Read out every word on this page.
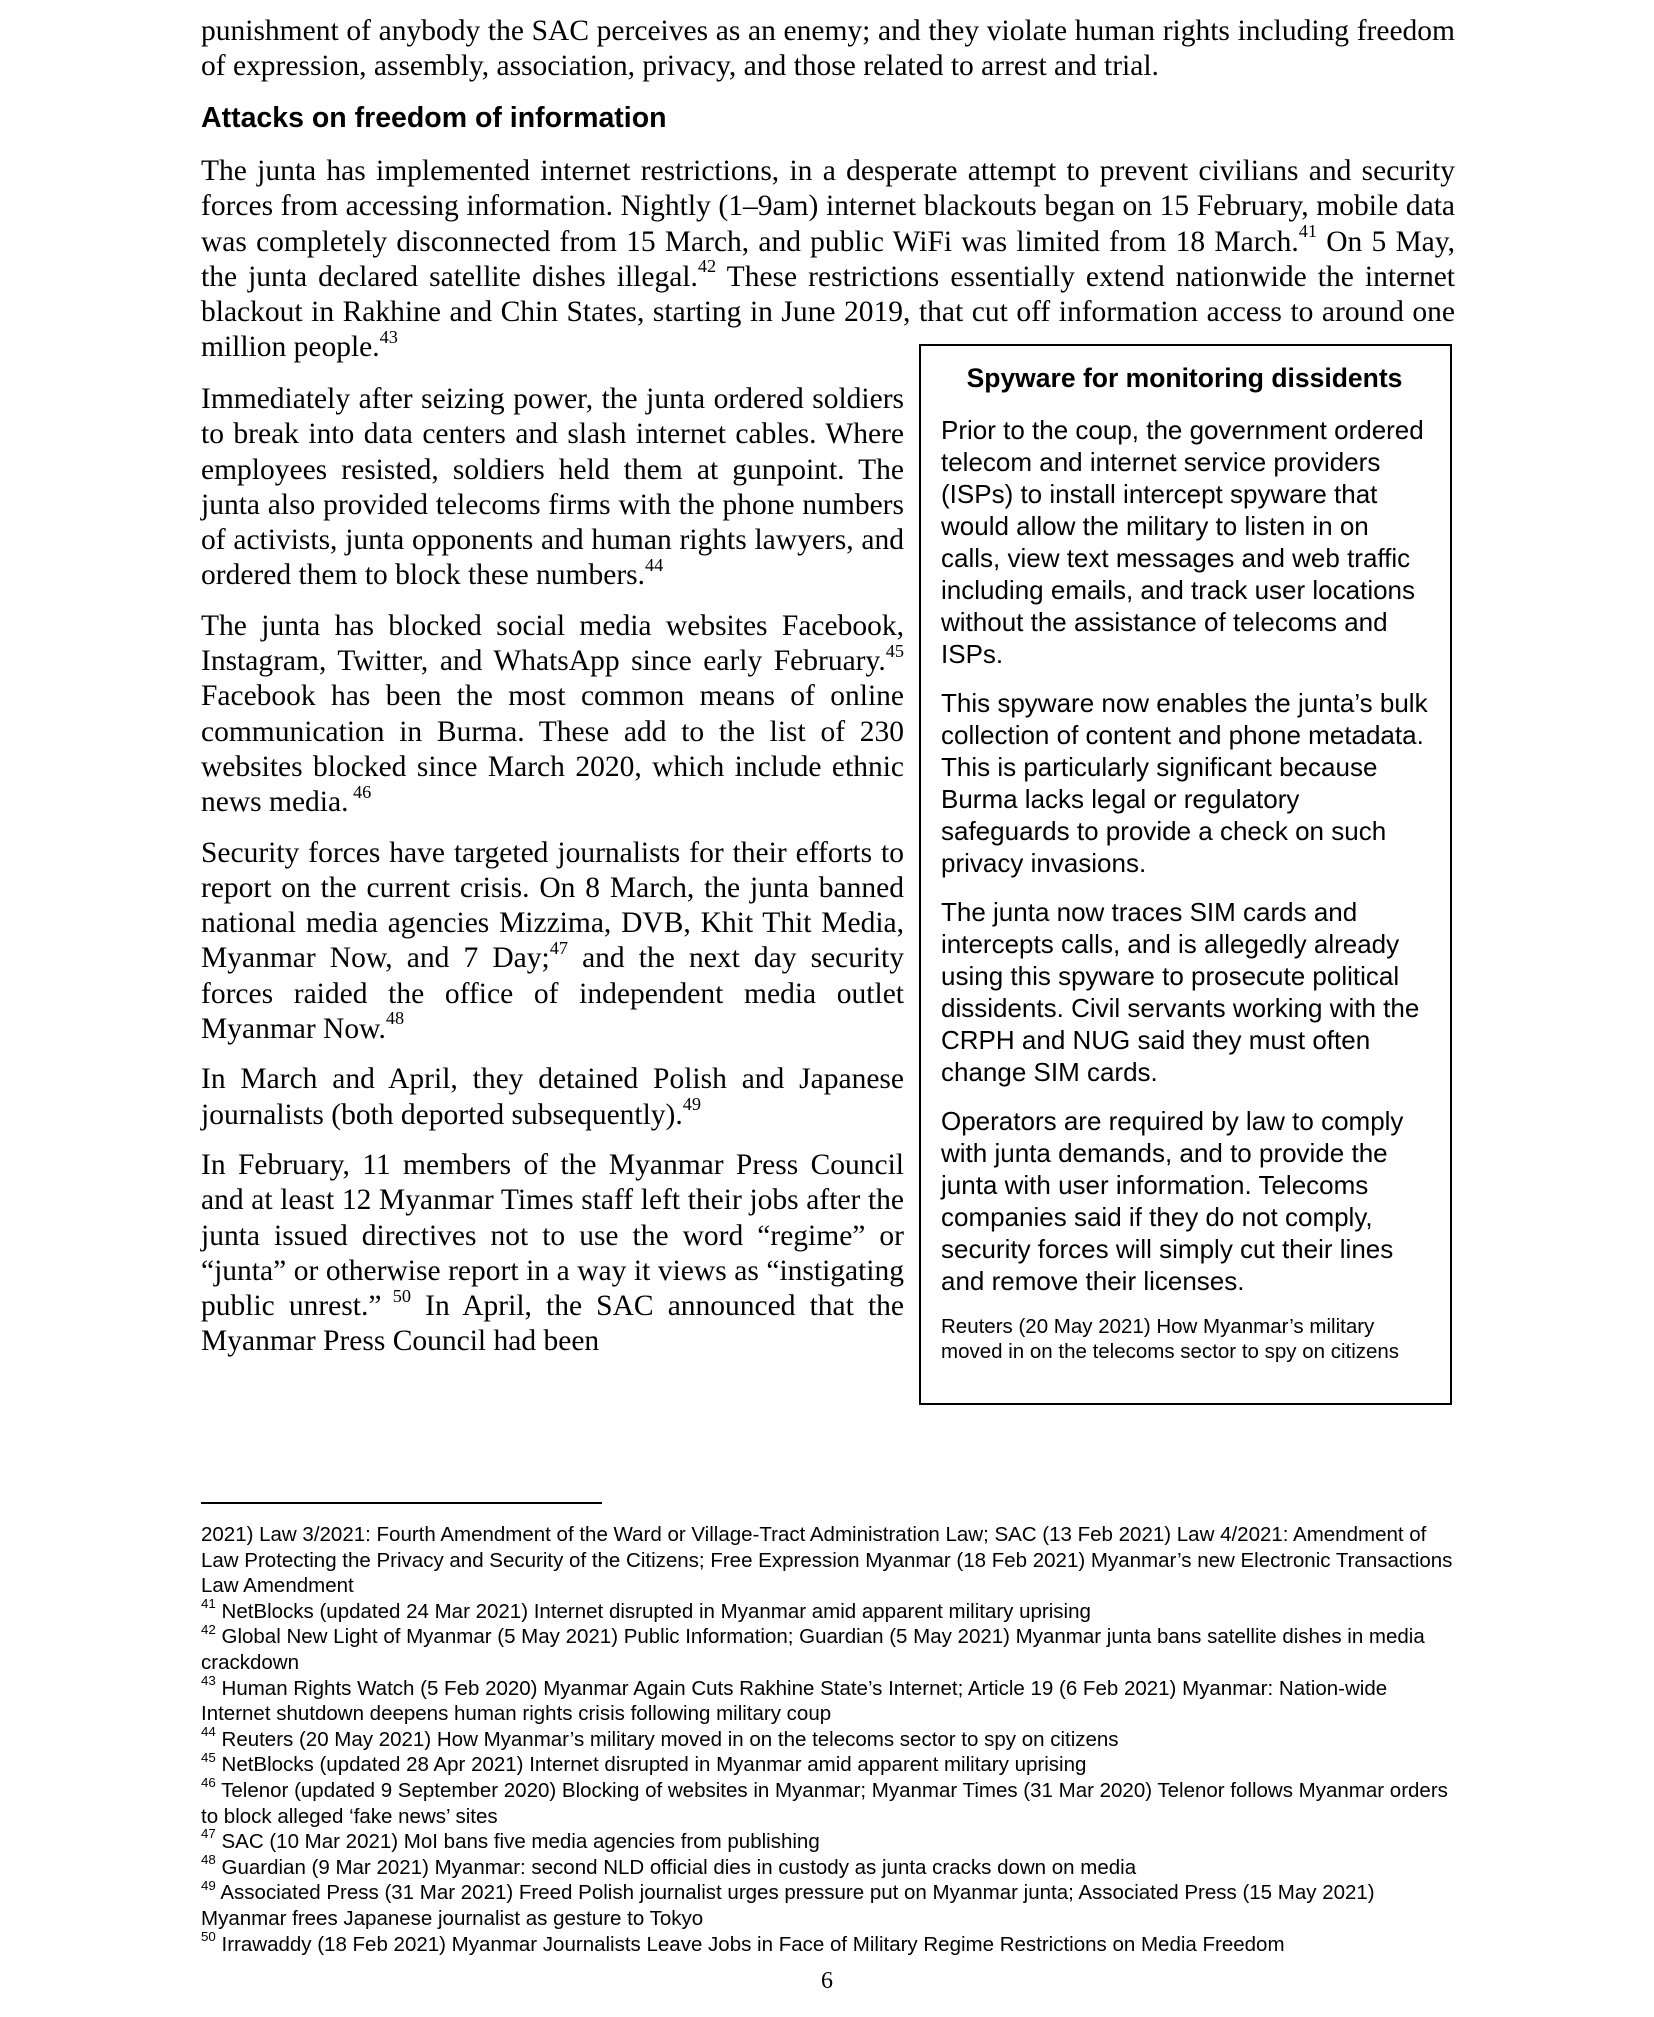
punishment of anybody the SAC perceives as an enemy; and they violate human rights including freedom of expression, assembly, association, privacy, and those related to arrest and trial.

Attacks on freedom of information

The junta has implemented internet restrictions, in a desperate attempt to prevent civilians and security forces from accessing information. Nightly (1–9am) internet blackouts began on 15 February, mobile data was completely disconnected from 15 March, and public WiFi was limited from 18 March.$^{41}$ On 5 May, the junta declared satellite dishes illegal.$^{42}$ These restrictions essentially extend nationwide the internet blackout in Rakhine and Chin States, starting in June 2019, that cut off information access to around one million people.$^{43}$

Immediately after seizing power, the junta ordered soldiers to break into data centers and slash internet cables. Where employees resisted, soldiers held them at gunpoint. The junta also provided telecoms firms with the phone numbers of activists, junta opponents and human rights lawyers, and ordered them to block these numbers.$^{44}$

The junta has blocked social media websites Facebook, Instagram, Twitter, and WhatsApp since early February.$^{45}$ Facebook has been the most common means of online communication in Burma. These add to the list of 230 websites blocked since March 2020, which include ethnic news media. $^{46}$

Security forces have targeted journalists for their efforts to report on the current crisis. On 8 March, the junta banned national media agencies Mizzima, DVB, Khit Thit Media, Myanmar Now, and 7 Day;$^{47}$ and the next day security forces raided the office of independent media outlet Myanmar Now.$^{48}$

In March and April, they detained Polish and Japanese journalists (both deported subsequently).$^{49}$

In February, 11 members of the Myanmar Press Council and at least 12 Myanmar Times staff left their jobs after the junta issued directives not to use the word “regime” or “junta” or otherwise report in a way it views as “instigating public unrest.” $^{50}$ In April, the SAC announced that the Myanmar Press Council had been

Spyware for monitoring dissidents

Prior to the coup, the government ordered telecom and internet service providers (ISPs) to install intercept spyware that would allow the military to listen in on calls, view text messages and web traffic including emails, and track user locations without the assistance of telecoms and ISPs.

This spyware now enables the junta’s bulk collection of content and phone metadata. This is particularly significant because Burma lacks legal or regulatory safeguards to provide a check on such privacy invasions.

The junta now traces SIM cards and intercepts calls, and is allegedly already using this spyware to prosecute political dissidents. Civil servants working with the CRPH and NUG said they must often change SIM cards.

Operators are required by law to comply with junta demands, and to provide the junta with user information. Telecoms companies said if they do not comply, security forces will simply cut their lines and remove their licenses.

Reuters (20 May 2021) How Myanmar’s military moved in on the telecoms sector to spy on citizens

2021) Law 3/2021: Fourth Amendment of the Ward or Village-Tract Administration Law; SAC (13 Feb 2021) Law 4/2021: Amendment of Law Protecting the Privacy and Security of the Citizens; Free Expression Myanmar (18 Feb 2021) Myanmar’s new Electronic Transactions Law Amendment

$^{41}$ NetBlocks (updated 24 Mar 2021) Internet disrupted in Myanmar amid apparent military uprising

$^{42}$ Global New Light of Myanmar (5 May 2021) Public Information; Guardian (5 May 2021) Myanmar junta bans satellite dishes in media crackdown

$^{43}$ Human Rights Watch (5 Feb 2020) Myanmar Again Cuts Rakhine State’s Internet; Article 19 (6 Feb 2021) Myanmar: Nation-wide Internet shutdown deepens human rights crisis following military coup

$^{44}$ Reuters (20 May 2021) How Myanmar’s military moved in on the telecoms sector to spy on citizens

$^{45}$ NetBlocks (updated 28 Apr 2021) Internet disrupted in Myanmar amid apparent military uprising

$^{46}$ Telenor (updated 9 September 2020) Blocking of websites in Myanmar; Myanmar Times (31 Mar 2020) Telenor follows Myanmar orders to block alleged ‘fake news’ sites

$^{47}$ SAC (10 Mar 2021) MoI bans five media agencies from publishing

$^{48}$ Guardian (9 Mar 2021) Myanmar: second NLD official dies in custody as junta cracks down on media

$^{49}$ Associated Press (31 Mar 2021) Freed Polish journalist urges pressure put on Myanmar junta; Associated Press (15 May 2021) Myanmar frees Japanese journalist as gesture to Tokyo

$^{50}$ Irrawaddy (18 Feb 2021) Myanmar Journalists Leave Jobs in Face of Military Regime Restrictions on Media Freedom

6
